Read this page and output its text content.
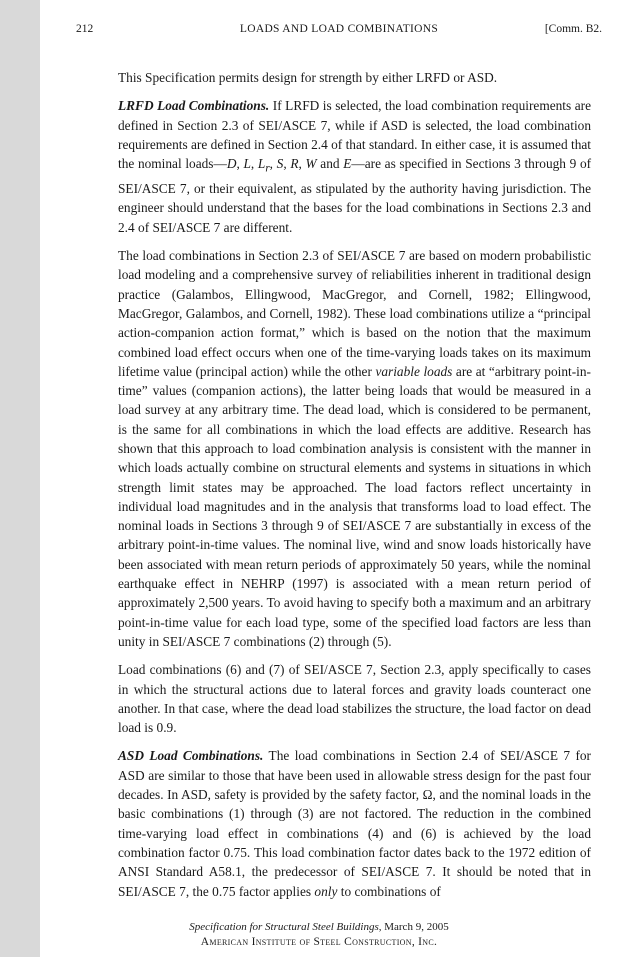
212	LOADS AND LOAD COMBINATIONS	[Comm. B2.

This Specification permits design for strength by either LRFD or ASD.

LRFD Load Combinations. If LRFD is selected, the load combination requirements are defined in Section 2.3 of SEI/ASCE 7, while if ASD is selected, the load combination requirements are defined in Section 2.4 of that standard. In either case, it is assumed that the nominal loads—D, L, $L_r$, S, R, W and E—are as specified in Sections 3 through 9 of SEI/ASCE 7, or their equivalent, as stipulated by the authority having jurisdiction. The engineer should understand that the bases for the load combinations in Sections 2.3 and 2.4 of SEI/ASCE 7 are different.

The load combinations in Section 2.3 of SEI/ASCE 7 are based on modern probabilistic load modeling and a comprehensive survey of reliabilities inherent in traditional design practice (Galambos, Ellingwood, MacGregor, and Cornell, 1982; Ellingwood, MacGregor, Galambos, and Cornell, 1982). These load combinations utilize a “principal action-companion action format,” which is based on the notion that the maximum combined load effect occurs when one of the time-varying loads takes on its maximum lifetime value (principal action) while the other variable loads are at “arbitrary point-in-time” values (companion actions), the latter being loads that would be measured in a load survey at any arbitrary time. The dead load, which is considered to be permanent, is the same for all combinations in which the load effects are additive. Research has shown that this approach to load combination analysis is consistent with the manner in which loads actually combine on structural elements and systems in situations in which strength limit states may be approached. The load factors reflect uncertainty in individual load magnitudes and in the analysis that transforms load to load effect. The nominal loads in Sections 3 through 9 of SEI/ASCE 7 are substantially in excess of the arbitrary point-in-time values. The nominal live, wind and snow loads historically have been associated with mean return periods of approximately 50 years, while the nominal earthquake effect in NEHRP (1997) is associated with a mean return period of approximately 2,500 years. To avoid having to specify both a maximum and an arbitrary point-in-time value for each load type, some of the specified load factors are less than unity in SEI/ASCE 7 combinations (2) through (5).

Load combinations (6) and (7) of SEI/ASCE 7, Section 2.3, apply specifically to cases in which the structural actions due to lateral forces and gravity loads counteract one another. In that case, where the dead load stabilizes the structure, the load factor on dead load is 0.9.

ASD Load Combinations. The load combinations in Section 2.4 of SEI/ASCE 7 for ASD are similar to those that have been used in allowable stress design for the past four decades. In ASD, safety is provided by the safety factor, Ω, and the nominal loads in the basic combinations (1) through (3) are not factored. The reduction in the combined time-varying load effect in combinations (4) and (6) is achieved by the load combination factor 0.75. This load combination factor dates back to the 1972 edition of ANSI Standard A58.1, the predecessor of SEI/ASCE 7. It should be noted that in SEI/ASCE 7, the 0.75 factor applies only to combinations of

Specification for Structural Steel Buildings, March 9, 2005
American Institute of Steel Construction, Inc.
